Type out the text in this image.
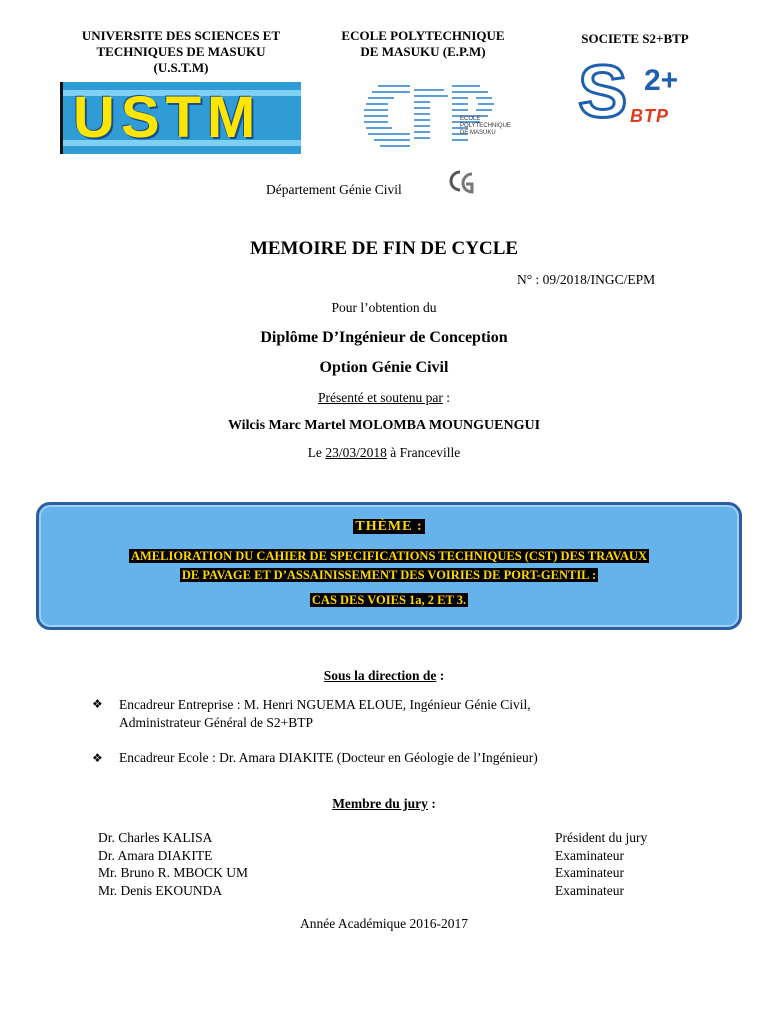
UNIVERSITE DES SCIENCES ET
TECHNIQUES DE MASUKU
(U.S.T.M)
ECOLE POLYTECHNIQUE
DE MASUKU (E.P.M)
SOCIETE S2+BTP
USTM	ECOLE
POLYTECHNIQUE
DE MASUKU S 2+
BTP
Département Génie Civil
MEMOIRE DE FIN DE CYCLE
N° : 09/2018/INGC/EPM
Pour l’obtention du
Diplôme D’Ingénieur de Conception
Option Génie Civil
Présenté et soutenu par :
Wilcis Marc Martel MOLOMBA MOUNGUENGUI
Le 23/03/2018 à Franceville
THÈME :
AMELIORATION DU CAHIER DE SPECIFICATIONS TECHNIQUES (CST) DES TRAVAUX
DE PAVAGE ET D’ASSAINISSEMENT DES VOIRIES DE PORT-GENTIL :
CAS DES VOIES 1a, 2 ET 3.
Sous la direction de :
❖ Encadreur Entreprise : M. Henri NGUEMA ELOUE, Ingénieur Génie Civil,
Administrateur Général de S2+BTP
❖ Encadreur Ecole : Dr. Amara DIAKITE (Docteur en Géologie de l’Ingénieur)
Membre du jury :
Dr. Charles KALISA	Président du jury
Dr. Amara DIAKITE	Examinateur
Mr. Bruno R. MBOCK UM	Examinateur
Mr. Denis EKOUNDA	Examinateur
Année Académique 2016-2017
